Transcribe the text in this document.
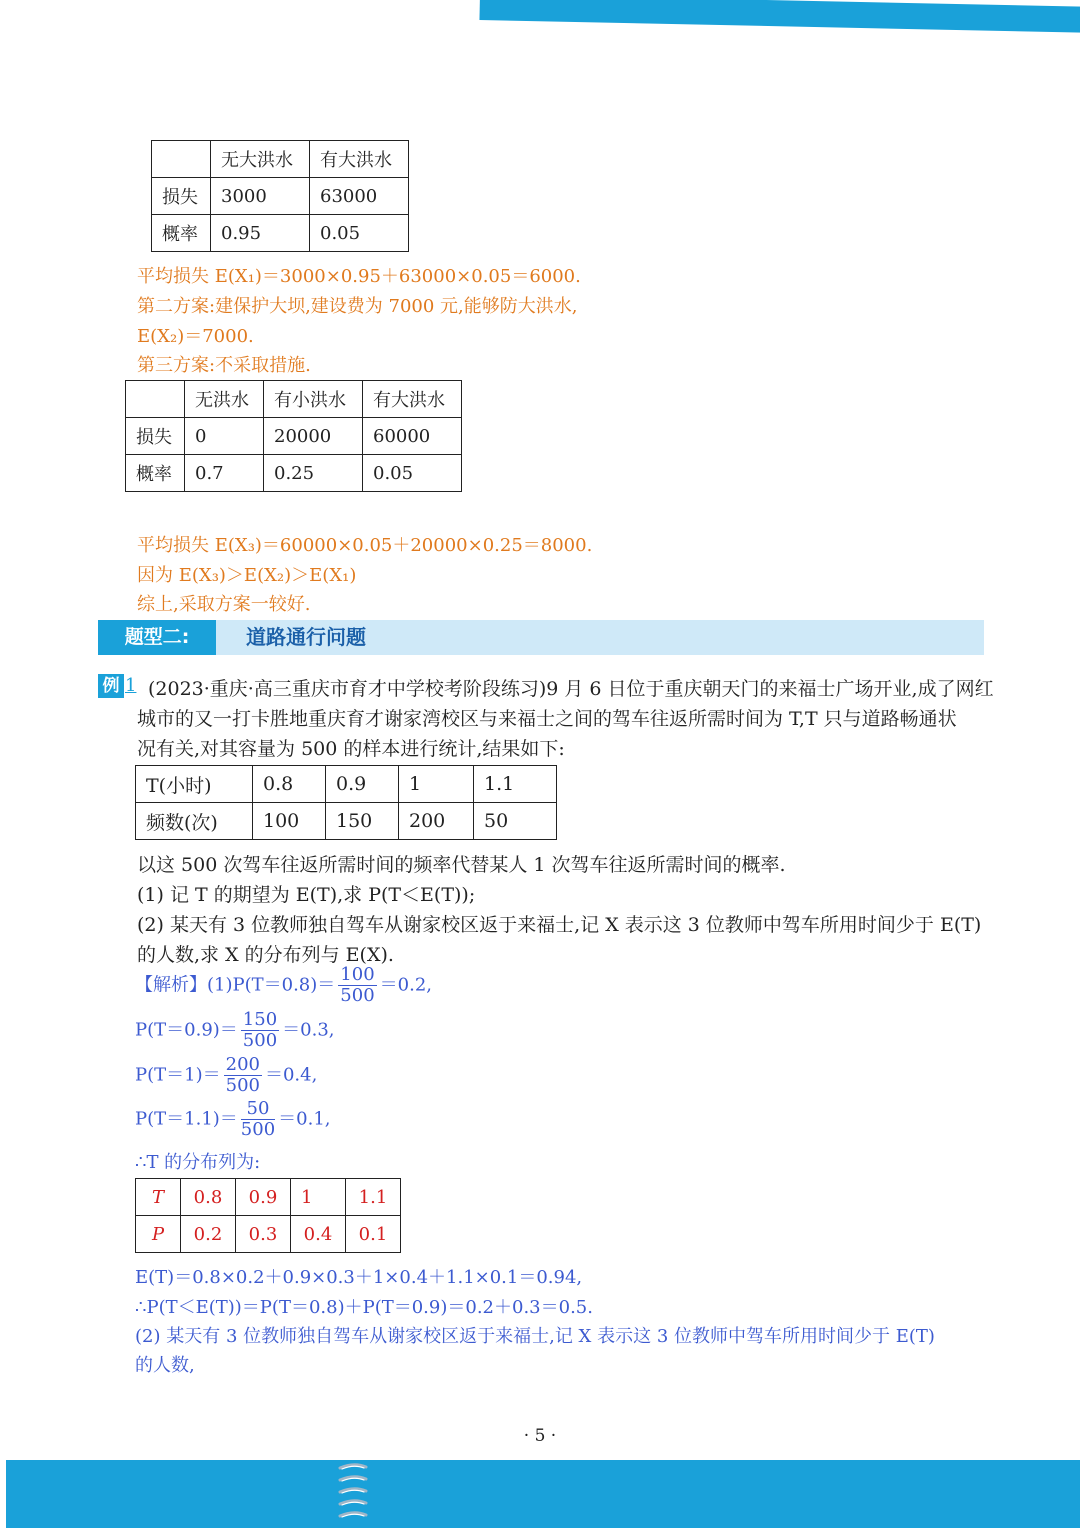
	无大洪水	有大洪水
损失	3000	63000
概率	0.95	0.05
平均损失 E(X₁)＝3000×0.95＋63000×0.05＝6000.
第二方案:建保护大坝,建设费为 7000 元,能够防大洪水,
E(X₂)＝7000.
第三方案:不采取措施.
	无洪水	有小洪水	有大洪水
损失	0	20000	60000
概率	0.7	0.25	0.05
平均损失 E(X₃)＝60000×0.05＋20000×0.25＝8000.
因为 E(X₃)＞E(X₂)＞E(X₁)
综上,采取方案一较好.
题型二:	道路通行问题
例 1 (2023·重庆·高三重庆市育才中学校考阶段练习)9 月 6 日位于重庆朝天门的来福士广场开业,成了网红
城市的又一打卡胜地重庆育才谢家湾校区与来福士之间的驾车往返所需时间为 T,T 只与道路畅通状
况有关,对其容量为 500 的样本进行统计,结果如下:
T(小时)	0.8	0.9	1	1.1
频数(次)	100	150	200	50
以这 500 次驾车往返所需时间的频率代替某人 1 次驾车往返所需时间的概率.
(1) 记 T 的期望为 E(T),求 P(T＜E(T));
(2) 某天有 3 位教师独自驾车从谢家校区返于来福士,记 X 表示这 3 位教师中驾车所用时间少于 E(T)
的人数,求 X 的分布列与 E(X).
【解析】$(1)P(T=0.8)= \frac{100}{500} =0.2$,
$P(T=0.9)= \frac{150}{500} =0.3$,
$P(T=1)= \frac{200}{500} =0.4$,
$P(T=1.1)= \frac{50}{500} =0.1$,
∴T 的分布列为:
T	0.8	0.9	1	1.1
P	0.2	0.3	0.4	0.1
E(T)＝0.8×0.2＋0.9×0.3＋1×0.4＋1.1×0.1＝0.94,
∴P(T＜E(T))＝P(T＝0.8)＋P(T＝0.9)＝0.2＋0.3＝0.5.
(2) 某天有 3 位教师独自驾车从谢家校区返于来福士,记 X 表示这 3 位教师中驾车所用时间少于 E(T)
的人数,
· 5 ·
